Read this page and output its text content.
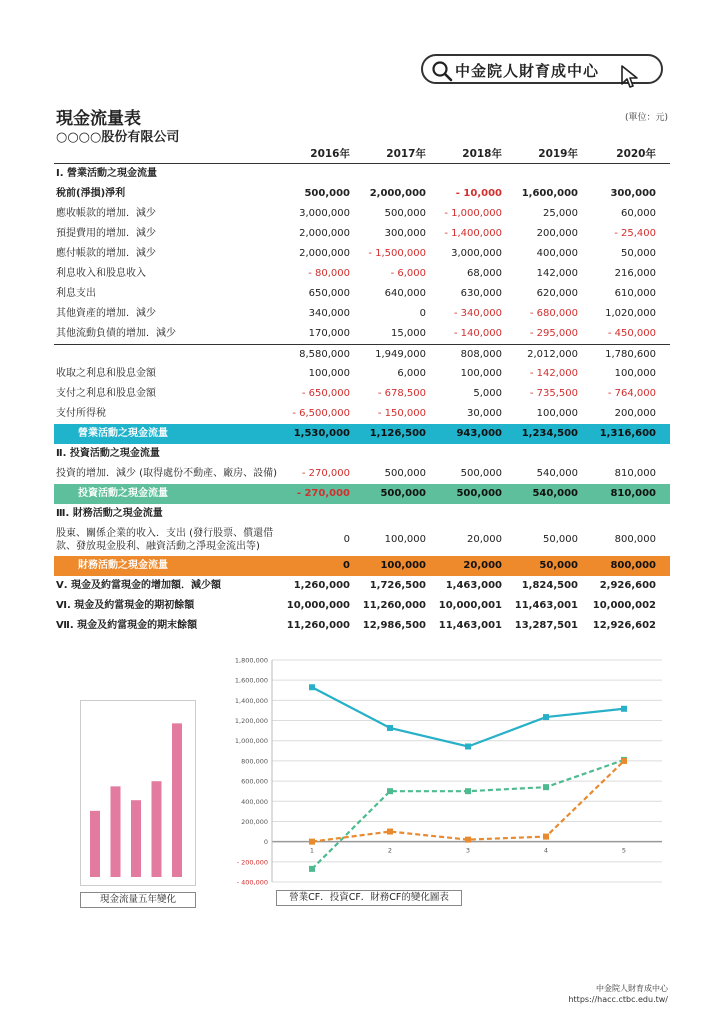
中金院人財育成中心
現金流量表
○○○○股份有限公司
(單位：元)
2016年	2017年	2018年	2019年	2020年
Ⅰ. 營業活動之現金流量
稅前(淨損)淨利	500,000	2,000,000	- 10,000	1,600,000	300,000
應收帳款的增加．減少	3,000,000	500,000	- 1,000,000	25,000	60,000
預提費用的增加．減少	2,000,000	300,000	- 1,400,000	200,000	- 25,400
應付帳款的增加．減少	2,000,000	- 1,500,000	3,000,000	400,000	50,000
利息收入和股息收入	- 80,000	- 6,000	68,000	142,000	216,000
利息支出	650,000	640,000	630,000	620,000	610,000
其他資產的增加．減少	340,000	0	- 340,000	- 680,000	1,020,000
其他流動負債的增加．減少	170,000	15,000	- 140,000	- 295,000	- 450,000
8,580,000	1,949,000	808,000	2,012,000	1,780,600
收取之利息和股息金額	100,000	6,000	100,000	- 142,000	100,000
支付之利息和股息金額	- 650,000	- 678,500	5,000	- 735,500	- 764,000
支付所得稅	- 6,500,000	- 150,000	30,000	100,000	200,000
營業活動之現金流量	1,530,000	1,126,500	943,000	1,234,500	1,316,600
Ⅱ. 投資活動之現金流量
投資的增加．減少 (取得處份不動產、廠房、設備)	- 270,000	500,000	500,000	540,000	810,000
投資活動之現金流量	- 270,000	500,000	500,000	540,000	810,000
Ⅲ. 財務活動之現金流量
股東、關係企業的收入．支出 (發行股票、償還借款、發放現金股利、融資活動之淨現金流出等)
0	100,000	20,000	50,000	800,000
財務活動之現金流量	0	100,000	20,000	50,000	800,000
Ⅴ. 現金及約當現金的增加額．減少額	1,260,000	1,726,500	1,463,000	1,824,500	2,926,600
Ⅵ. 現金及約當現金的期初餘額	10,000,000 11,260,000 10,000,001 11,463,001 10,000,002
Ⅶ. 現金及約當現金的期末餘額	11,260,000 12,986,500 11,463,001 13,287,501 12,926,602
現金流量五年變化
1,800,000
1,600,000
1,400,000
1,200,000
1,000,000
800,000
600,000
400,000
200,000
0
- 200,000
- 400,000
1	2	3	4	5
營業CF．投資CF．財務CF的變化圖表
中金院人財育成中心
https://hacc.ctbc.edu.tw/
